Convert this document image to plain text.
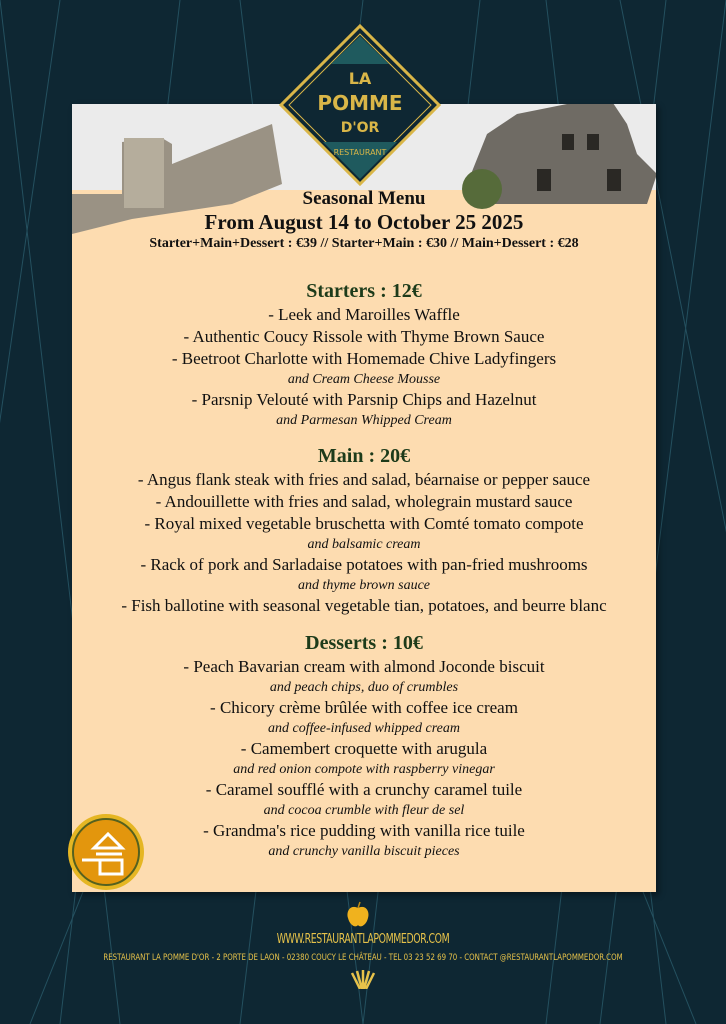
Seasonal Menu
From August 14 to October 25 2025
Starter+Main+Dessert : €39 // Starter+Main : €30 // Main+Dessert : €28
Starters : 12€
- Leek and Maroilles Waffle
- Authentic Coucy Rissole with Thyme Brown Sauce
- Beetroot Charlotte with Homemade Chive Ladyfingers
and Cream Cheese Mousse
- Parsnip Velouté with Parsnip Chips and Hazelnut
and Parmesan Whipped Cream
Main : 20€
- Angus flank steak with fries and salad, béarnaise or pepper sauce
- Andouillette with fries and salad, wholegrain mustard sauce
- Royal mixed vegetable bruschetta with Comté tomato compote
and balsamic cream
- Rack of pork and Sarladaise potatoes with pan-fried mushrooms
and thyme brown sauce
- Fish ballotine with seasonal vegetable tian, potatoes, and beurre blanc
Desserts : 10€
- Peach Bavarian cream with almond Joconde biscuit
and peach chips, duo of crumbles
- Chicory crème brûlée with coffee ice cream
and coffee-infused whipped cream
- Camembert croquette with arugula
and red onion compote with raspberry vinegar
- Caramel soufflé with a crunchy caramel tuile
and cocoa crumble with fleur de sel
- Grandma's rice pudding with vanilla rice tuile
and crunchy vanilla biscuit pieces
LA
POMME
D'OR
RESTAURANT
WWW.RESTAURANTLAPOMMEDOR.COM
RESTAURANT LA POMME D'OR - 2 PORTE DE LAON - 02380 COUCY LE CHÂTEAU - TEL 03 23 52 69 70 - CONTACT @RESTAURANTLAPOMMEDOR.COM
